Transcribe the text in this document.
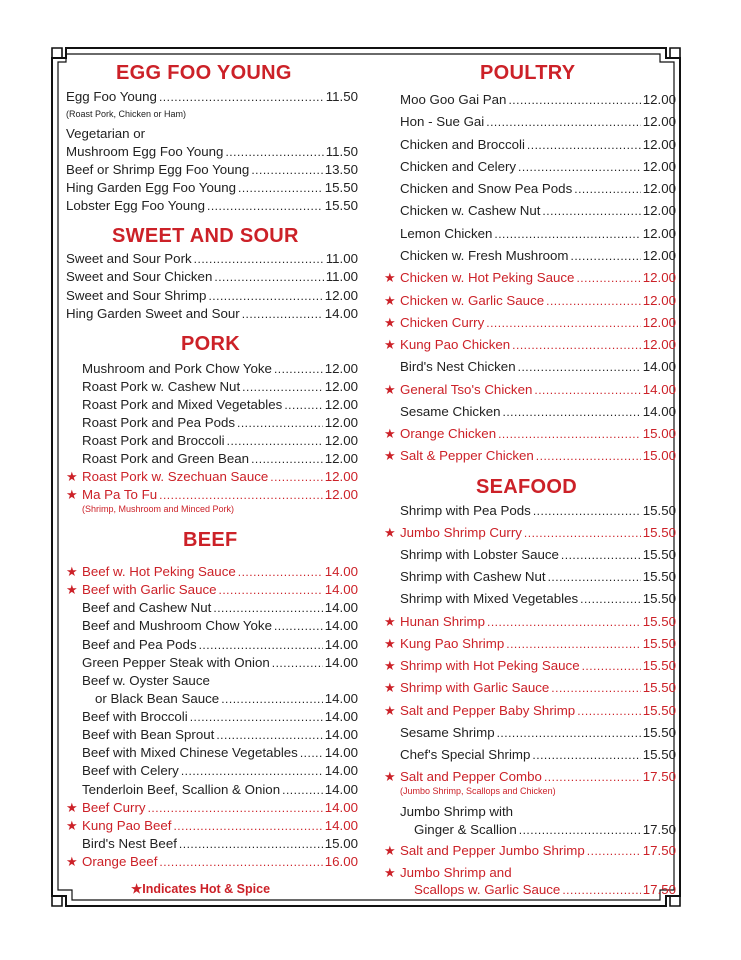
EGG FOO YOUNG
Egg Foo Young .....	11.50
(Roast Pork, Chicken or Ham)
Vegetarian or
Mushroom Egg Foo Young .....	11.50
Beef or Shrimp Egg Foo Young .....	13.50
Hing Garden Egg Foo Young .....	15.50
Lobster Egg Foo Young .....	15.50
SWEET AND SOUR
Sweet and Sour Pork .....	11.00
Sweet and Sour Chicken .....	11.00
Sweet and Sour Shrimp .....	12.00
Hing Garden Sweet and Sour .....	14.00
PORK
Mushroom and Pork Chow Yoke .....	12.00
Roast Pork w. Cashew Nut .....	12.00
Roast Pork and Mixed Vegetables .....	12.00
Roast Pork and Pea Pods .....	12.00
Roast Pork and Broccoli .....	12.00
Roast Pork and Green Bean .....	12.00
★ Roast Pork w. Szechuan Sauce .....	12.00
★ Ma Pa To Fu .....	12.00
(Shrimp, Mushroom and Minced Pork)
BEEF
★ Beef w. Hot Peking Sauce .....	14.00
★ Beef with Garlic Sauce .....	14.00
Beef and Cashew Nut .....	14.00
Beef and Mushroom Chow Yoke .....	14.00
Beef and Pea Pods .....	14.00
Green Pepper Steak with Onion .....	14.00
Beef w. Oyster Sauce
or Black Bean Sauce .....	14.00
Beef with Broccoli .....	14.00
Beef with Bean Sprout .....	14.00
Beef with Mixed Chinese Vegetables ..... 14.00
Beef with Celery .....	14.00
Tenderloin Beef, Scallion & Onion .....	14.00
★ Beef Curry .....	14.00
★ Kung Pao Beef .....	14.00
Bird's Nest Beef .....	15.00
★ Orange Beef .....	16.00
★Indicates Hot & Spice
POULTRY
Moo Goo Gai Pan .....	12.00
Hon - Sue Gai .....	12.00
Chicken and Broccoli .....	12.00
Chicken and Celery .....	12.00
Chicken and Snow Pea Pods .....	12.00
Chicken w. Cashew Nut .....	12.00
Lemon Chicken .....	12.00
Chicken w. Fresh Mushroom .....	12.00
★ Chicken w. Hot Peking Sauce .....	12.00
★ Chicken w. Garlic Sauce .....	12.00
★ Chicken Curry .....	12.00
★ Kung Pao Chicken .....	12.00
Bird's Nest Chicken .....	14.00
★ General Tso's Chicken .....	14.00
Sesame Chicken .....	14.00
★ Orange Chicken .....	15.00
★ Salt & Pepper Chicken .....	15.00
SEAFOOD
Shrimp with Pea Pods .....	15.50
★ Jumbo Shrimp Curry .....	15.50
Shrimp with Lobster Sauce .....	15.50
Shrimp with Cashew Nut .....	15.50
Shrimp with Mixed Vegetables .....	15.50
★ Hunan Shrimp .....	15.50
★ Kung Pao Shrimp .....	15.50
★ Shrimp with Hot Peking Sauce .....	15.50
★ Shrimp with Garlic Sauce .....	15.50
★ Salt and Pepper Baby Shrimp .....	15.50
Sesame Shrimp .....	15.50
Chef's Special Shrimp .....	15.50
★ Salt and Pepper Combo .....	17.50
(Jumbo Shrimp, Scallops and Chicken)
Jumbo Shrimp with
Ginger & Scallion .....	17.50
★ Salt and Pepper Jumbo Shrimp .....	17.50
★ Jumbo Shrimp and
Scallops w. Garlic Sauce .....	17.50
